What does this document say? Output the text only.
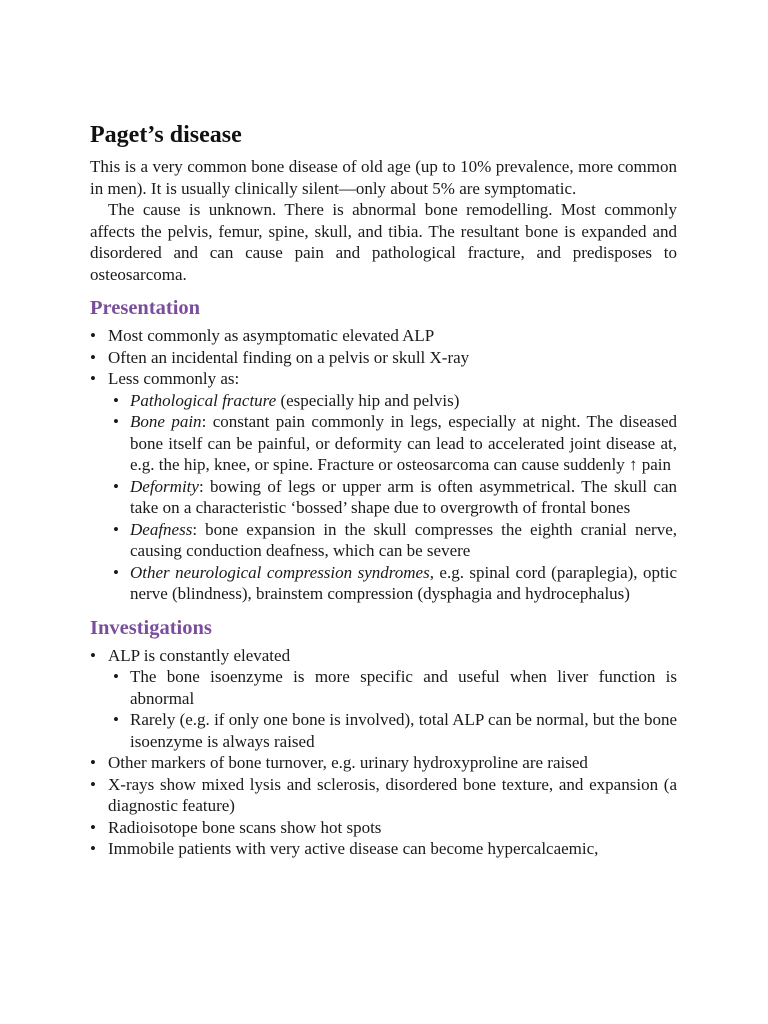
Paget’s disease

This is a very common bone disease of old age (up to 10% prevalence, more common in men). It is usually clinically silent—only about 5% are symptomatic.

The cause is unknown. There is abnormal bone remodelling. Most commonly affects the pelvis, femur, spine, skull, and tibia. The resultant bone is expanded and disordered and can cause pain and pathological fracture, and predisposes to osteosarcoma.

Presentation
• Most commonly as asymptomatic elevated ALP
• Often an incidental finding on a pelvis or skull X-ray
• Less commonly as:
• Pathological fracture (especially hip and pelvis)
• Bone pain: constant pain commonly in legs, especially at night. The diseased bone itself can be painful, or deformity can lead to accelerated joint disease at, e.g. the hip, knee, or spine. Fracture or osteosarcoma can cause suddenly ↑ pain
• Deformity: bowing of legs or upper arm is often asymmetrical. The skull can take on a characteristic ‘bossed’ shape due to overgrowth of frontal bones
• Deafness: bone expansion in the skull compresses the eighth cranial nerve, causing conduction deafness, which can be severe
• Other neurological compression syndromes, e.g. spinal cord (paraplegia), optic nerve (blindness), brainstem compression (dysphagia and hydrocephalus)
Investigations
• ALP is constantly elevated
• The bone isoenzyme is more specific and useful when liver function is abnormal
• Rarely (e.g. if only one bone is involved), total ALP can be normal, but the bone isoenzyme is always raised
• Other markers of bone turnover, e.g. urinary hydroxyproline are raised
• X-rays show mixed lysis and sclerosis, disordered bone texture, and expansion (a diagnostic feature)
• Radioisotope bone scans show hot spots
• Immobile patients with very active disease can become hypercalcaemic,
